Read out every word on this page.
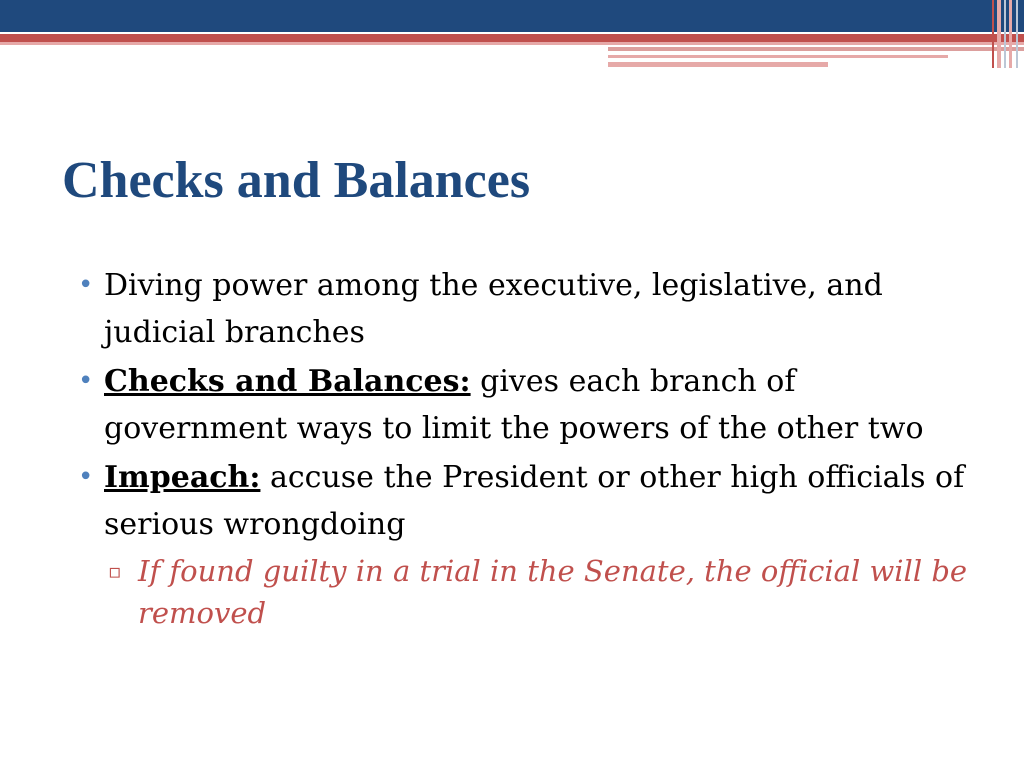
Checks and Balances
• Diving power among the executive, legislative, and judicial branches
• Checks and Balances: gives each branch of government ways to limit the powers of the other two
• Impeach: accuse the President or other high officials of serious wrongdoing
▫ If found guilty in a trial in the Senate, the official will be removed
